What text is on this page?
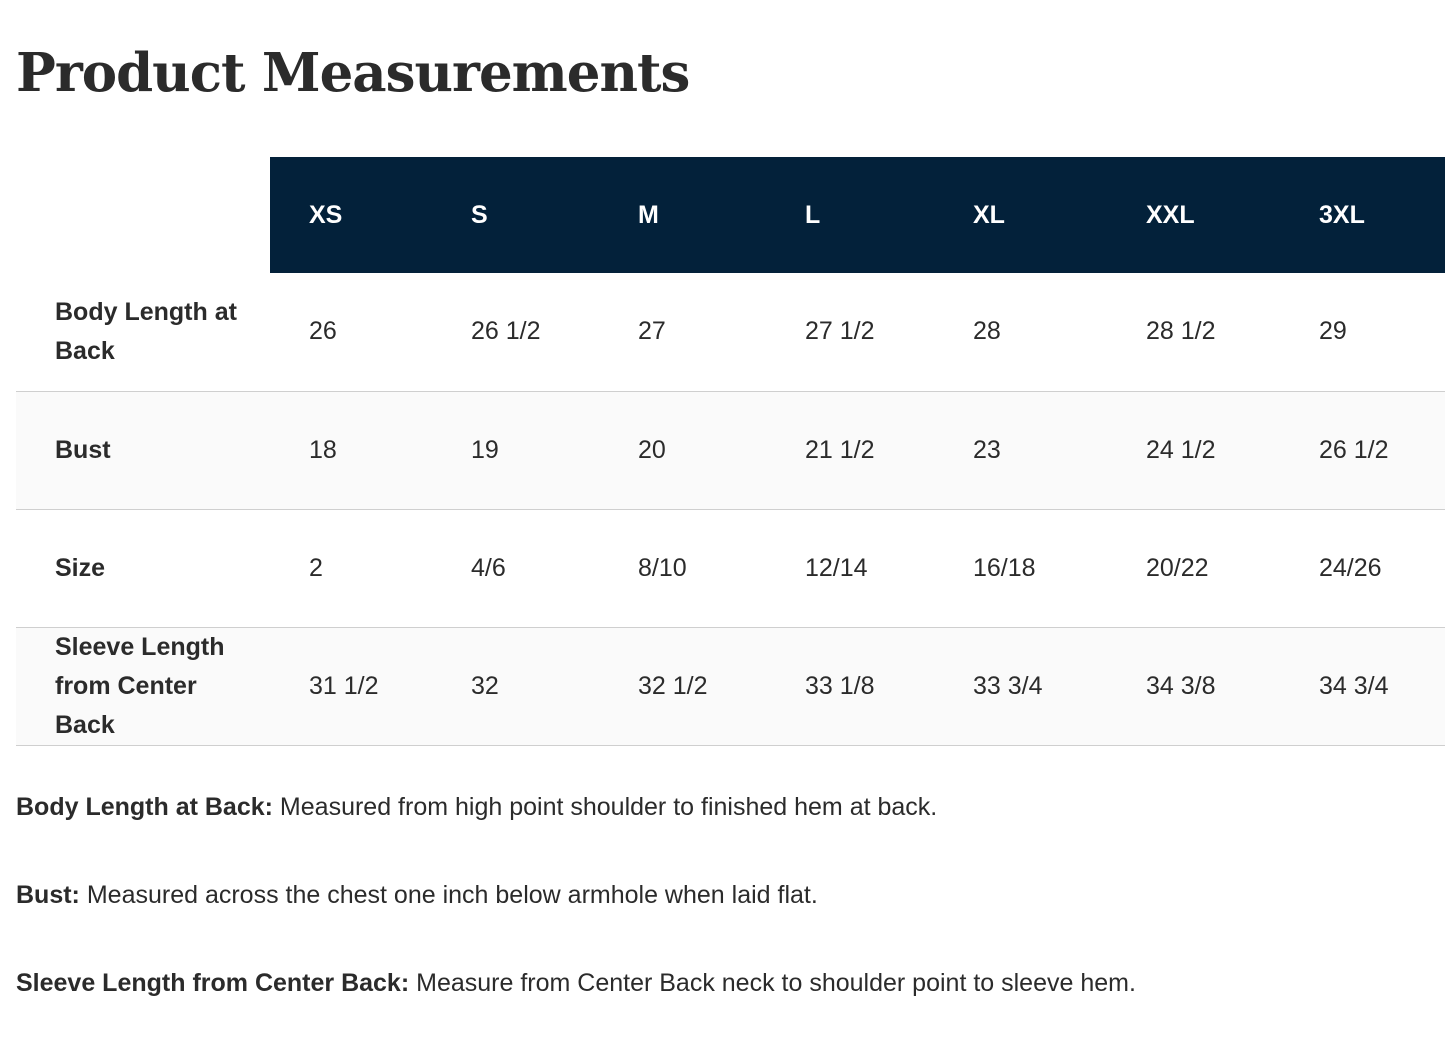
Product Measurements
	XS	S	M	L	XL	XXL	3XL
Body Length at Back	26	26 1/2	27	27 1/2	28	28 1/2	29
Bust	18	19	20	21 1/2	23	24 1/2	26 1/2
Size	2	4/6	8/10	12/14	16/18	20/22	24/26
Sleeve Length from Center Back	31 1/2	32	32 1/2	33 1/8	33 3/4	34 3/8	34 3/4

Body Length at Back: Measured from high point shoulder to finished hem at back.

Bust: Measured across the chest one inch below armhole when laid flat.

Sleeve Length from Center Back: Measure from Center Back neck to shoulder point to sleeve hem.
